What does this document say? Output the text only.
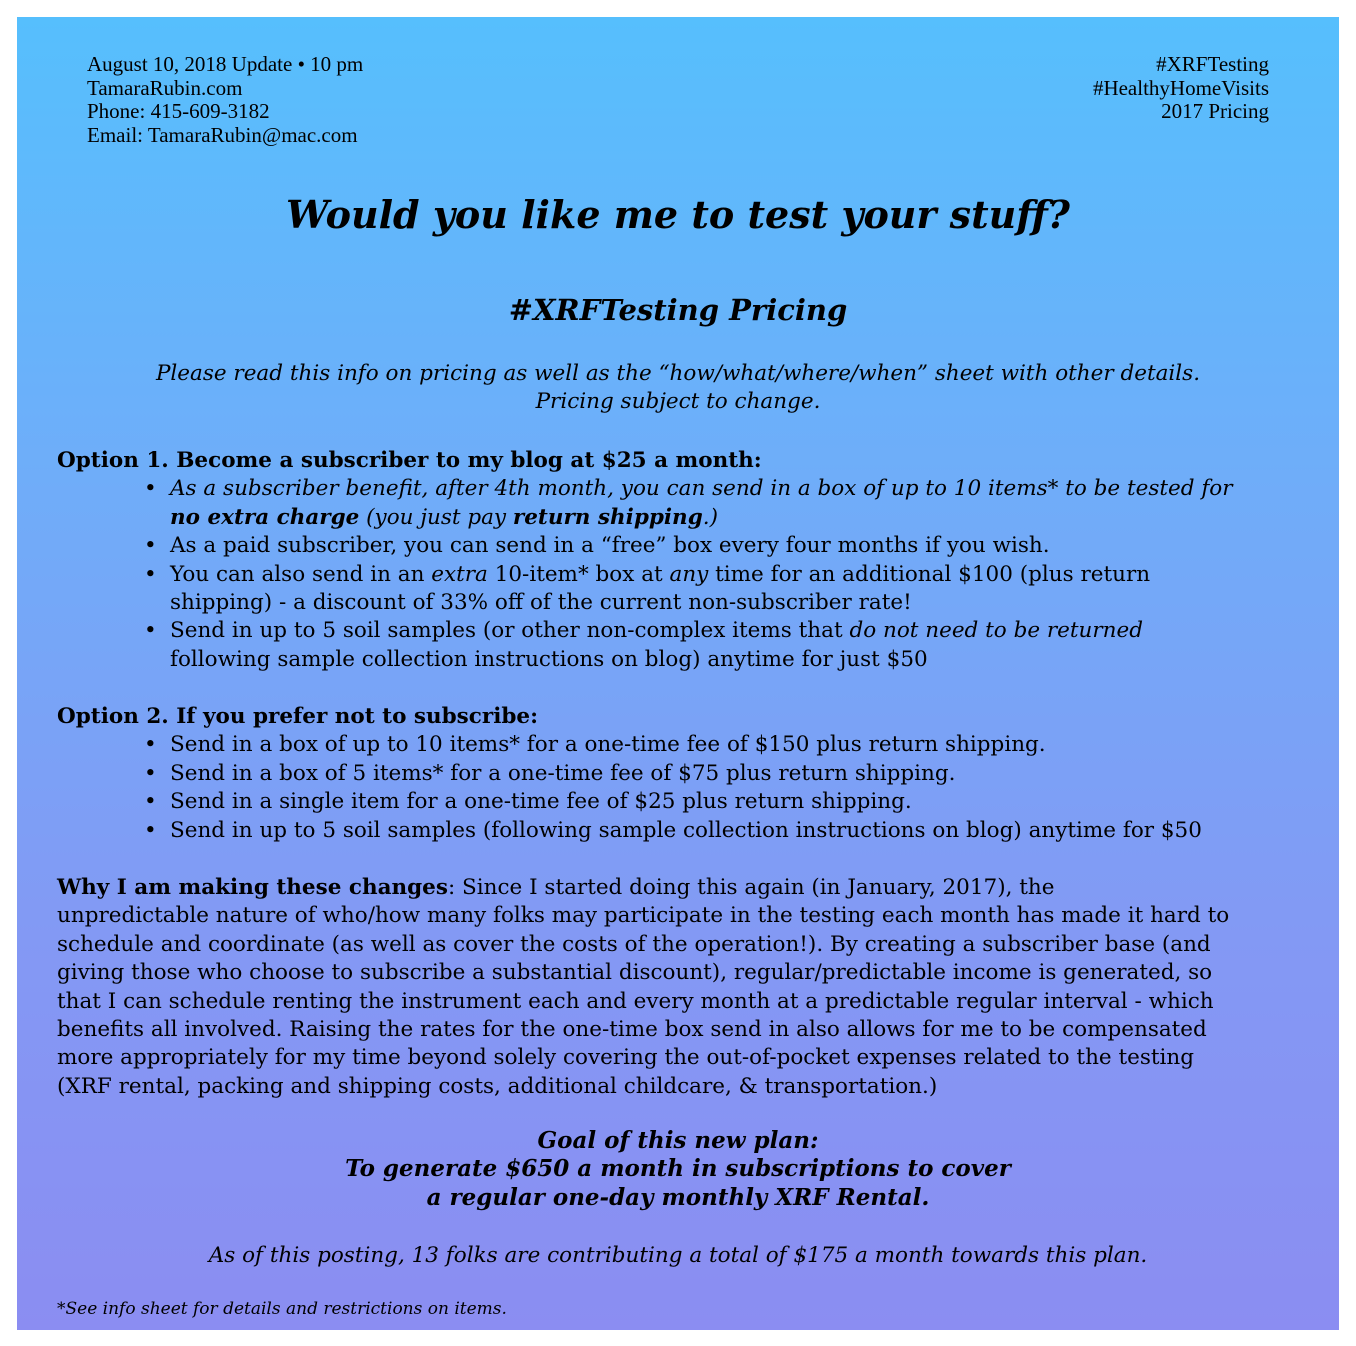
August 10, 2018 Update • 10 pm
TamaraRubin.com
Phone: 415-609-3182
Email: TamaraRubin@mac.com
#XRFTesting
#HealthyHomeVisits
2017 Pricing
Would you like me to test your stuff?
#XRFTesting Pricing
Please read this info on pricing as well as the “how/what/where/when” sheet with other details.
Pricing subject to change.
Option 1. Become a subscriber to my blog at $25 a month:
• As a subscriber benefit, after 4th month, you can send in a box of up to 10 items* to be tested for
no extra charge (you just pay return shipping.)
• As a paid subscriber, you can send in a “free” box every four months if you wish.
• You can also send in an extra 10-item* box at any time for an additional $100 (plus return
shipping) - a discount of 33% off of the current non-subscriber rate!
• Send in up to 5 soil samples (or other non-complex items that do not need to be returned
following sample collection instructions on blog) anytime for just $50
Option 2. If you prefer not to subscribe:
• Send in a box of up to 10 items* for a one-time fee of $150 plus return shipping.
• Send in a box of 5 items* for a one-time fee of $75 plus return shipping.
• Send in a single item for a one-time fee of $25 plus return shipping.
• Send in up to 5 soil samples (following sample collection instructions on blog) anytime for $50
Why I am making these changes: Since I started doing this again (in January, 2017), the
unpredictable nature of who/how many folks may participate in the testing each month has made it hard to
schedule and coordinate (as well as cover the costs of the operation!). By creating a subscriber base (and
giving those who choose to subscribe a substantial discount), regular/predictable income is generated, so
that I can schedule renting the instrument each and every month at a predictable regular interval - which
benefits all involved. Raising the rates for the one-time box send in also allows for me to be compensated
more appropriately for my time beyond solely covering the out-of-pocket expenses related to the testing
(XRF rental, packing and shipping costs, additional childcare, & transportation.)
Goal of this new plan:
To generate $650 a month in subscriptions to cover
a regular one-day monthly XRF Rental.
As of this posting, 13 folks are contributing a total of $175 a month towards this plan.
*See info sheet for details and restrictions on items.
